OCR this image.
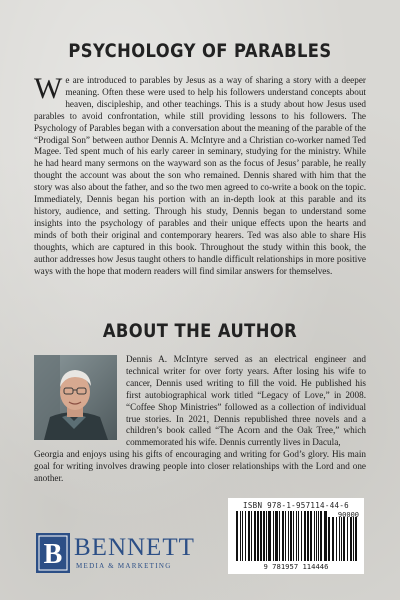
PSYCHOLOGY OF PARABLES

We are introduced to parables by Jesus as a way of sharing a story with a deeper meaning. Often these were used to help his followers understand concepts about heaven, discipleship, and other teachings. This is a study about how Jesus used parables to avoid confrontation, while still providing lessons to his followers. The Psychology of Parables began with a conversation about the meaning of the parable of the “Prodigal Son” between author Dennis A. McIntyre and a Christian co-worker named Ted Magee. Ted spent much of his early career in seminary, studying for the ministry. While he had heard many sermons on the wayward son as the focus of Jesus’ parable, he really thought the account was about the son who remained. Dennis shared with him that the story was also about the father, and so the two men agreed to co-write a book on the topic. Immediately, Dennis began his portion with an in-depth look at this parable and its history, audience, and setting. Through his study, Dennis began to understand some insights into the psychology of parables and their unique effects upon the hearts and minds of both their original and contemporary hearers. Ted was also able to share His thoughts, which are captured in this book. Throughout the study within this book, the author addresses how Jesus taught others to handle difficult relationships in more positive ways with the hope that modern readers will find similar answers for themselves.

ABOUT THE AUTHOR

Dennis A. McIntyre served as an electrical engineer and technical writer for over forty years. After losing his wife to cancer, Dennis used writing to fill the void. He published his first autobiographical work titled “Legacy of Love,” in 2008. “Coffee Shop Ministries” followed as a collection of individual true stories. In 2021, Dennis republished three novels and a children’s book called “The Acorn and the Oak Tree,” which commemorated his wife. Dennis currently lives in Dacula,

Georgia and enjoys using his gifts of encouraging and writing for God’s glory. His main goal for writing involves drawing people into closer relationships with the Lord and one another.

B BENNETT
MEDIA & MARKETING
ISBN 978-1-957114-44-6
90000
9 781957 114446
